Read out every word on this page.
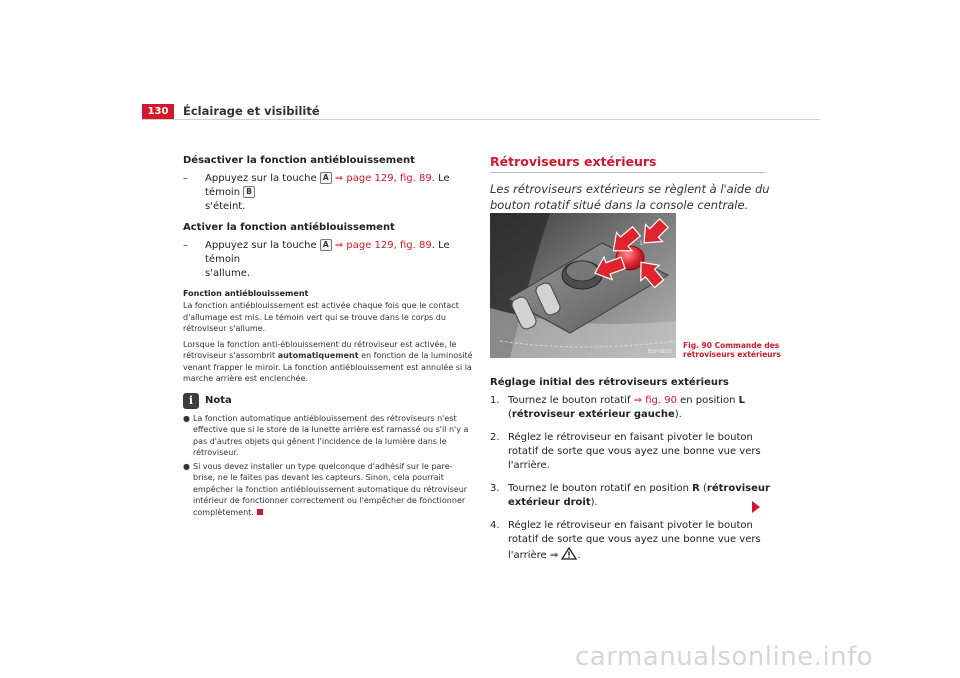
130	Éclairage et visibilité

Désactiver la fonction antiéblouissement

– Appuyez sur la touche A ⇒ page 129, fig. 89. Le témoin B
s'éteint.

Activer la fonction antiéblouissement

– Appuyez sur la touche A ⇒ page 129, fig. 89. Le témoin
s'allume.

Fonction antiéblouissement

La fonction antiéblouissement est activée chaque fois que le contact d'allumage est mis. Le témoin vert qui se trouve dans le corps du rétroviseur s'allume.

Lorsque la fonction anti-éblouissement du rétroviseur est activée, le rétroviseur s'assombrit automatiquement en fonction de la luminosité venant frapper le miroir. La fonction antiéblouissement est annulée si la marche arrière est enclenchée.

i	Nota

● La fonction automatique antiéblouissement des rétroviseurs n'est effective que si le store de la lunette arrière est ramassé ou s'il n'y a pas d'autres objets qui gênent l'incidence de la lumière dans le rétroviseur.

● Si vous devez installer un type quelconque d'adhésif sur le pare-brise, ne le faites pas devant les capteurs. Sinon, cela pourrait empêcher la fonction antiéblouissement automatique du rétroviseur intérieur de fonctionner correctement ou l'empêcher de fonctionner complètement.

Rétroviseurs extérieurs

Les rétroviseurs extérieurs se règlent à l'aide du bouton rotatif situé dans la console centrale.

L
B5P-0015
Fig. 90 Commande des
rétroviseurs extérieurs

Réglage initial des rétroviseurs extérieurs

1. Tournez le bouton rotatif ⇒ fig. 90 en position L (rétroviseur extérieur gauche).

2. Réglez le rétroviseur en faisant pivoter le bouton rotatif de sorte que vous ayez une bonne vue vers l'arrière.

3. Tournez le bouton rotatif en position R (rétroviseur extérieur droit).

4. Réglez le rétroviseur en faisant pivoter le bouton rotatif de sorte que vous ayez une bonne vue vers l'arrière ⇒ .

carmanualsonline.info
